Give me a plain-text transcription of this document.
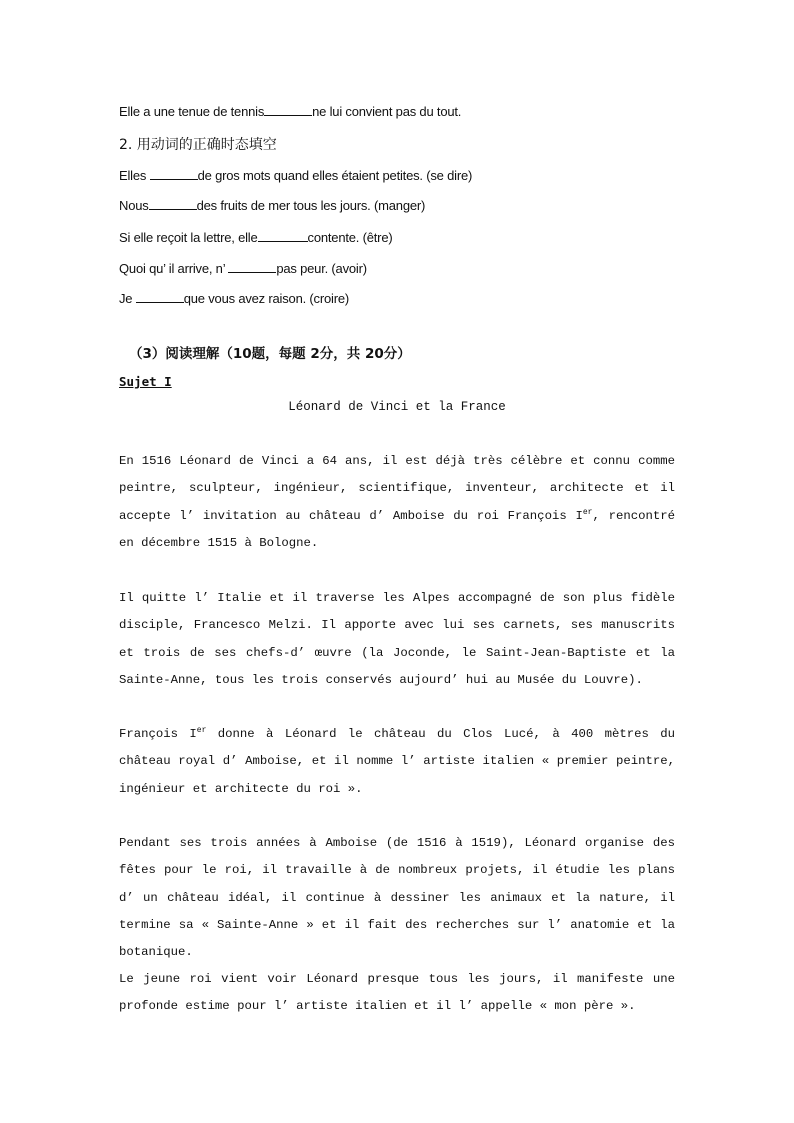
Elle a une tenue de tennis	ne lui convient pas du tout.
2. 用动词的正确时态填空
Elles	de gros mots quand elles étaient petites. (se dire)
Nous	des fruits de mer tous les jours. (manger)
Si elle reçoit la lettre, elle	contente. (être)
Quoi qu’ il arrive, n’	pas peur. (avoir)
Je	que vous avez raison. (croire)
（3）阅读理解（10题，每题 2分，共 20分）
Sujet I
Léonard de Vinci et la France
En 1516 Léonard de Vinci a 64 ans, il est déjà très célèbre et connu comme peintre, sculpteur, ingénieur, scientifique, inventeur, architecte et il accepte l’ invitation au château d’ Amboise du roi François Ier, rencontré en décembre 1515 à Bologne.
Il quitte l’ Italie et il traverse les Alpes accompagné de son plus fidèle disciple, Francesco Melzi. Il apporte avec lui ses carnets, ses manuscrits et trois de ses chefs-d’ œuvre (la Joconde, le Saint-Jean-Baptiste et la Sainte-Anne, tous les trois conservés aujourd’ hui au Musée du Louvre).
François Ier donne à Léonard le château du Clos Lucé, à 400 mètres du château royal d’ Amboise, et il nomme l’ artiste italien « premier peintre, ingénieur et architecte du roi ».
Pendant ses trois années à Amboise (de 1516 à 1519), Léonard organise des fêtes pour le roi, il travaille à de nombreux projets, il étudie les plans d’ un château idéal, il continue à dessiner les animaux et la nature, il termine sa « Sainte-Anne » et il fait des recherches sur l’ anatomie et la botanique.
Le jeune roi vient voir Léonard presque tous les jours, il manifeste une profonde estime pour l’ artiste italien et il l’ appelle « mon père ».
